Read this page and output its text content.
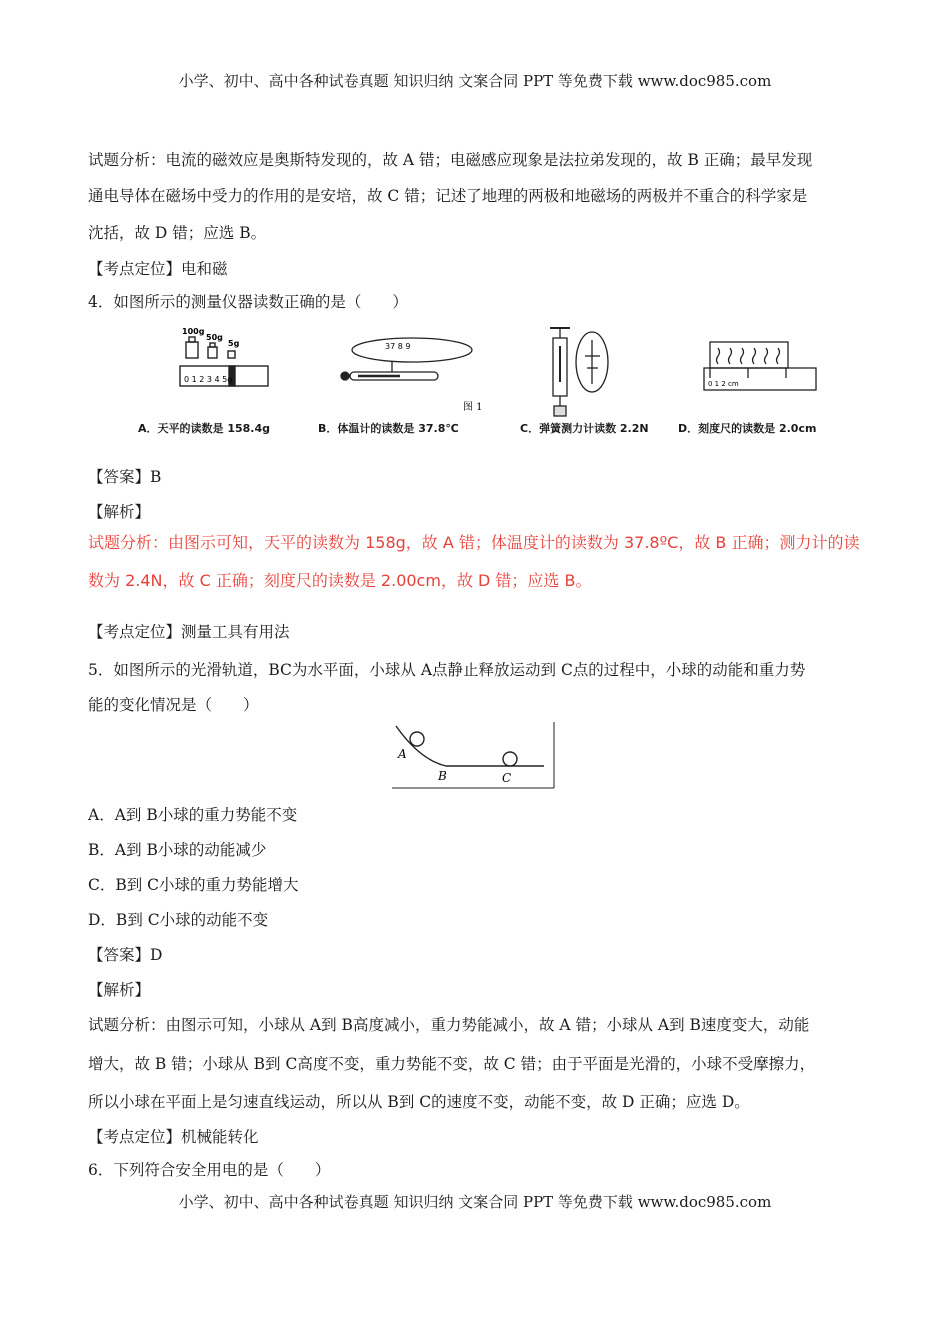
小学、初中、高中各种试卷真题 知识归纳 文案合同 PPT 等免费下载 www.doc985.com
试题分析：电流的磁效应是奥斯特发现的，故 A 错；电磁感应现象是法拉弟发现的，故 B 正确；最早发现
通电导体在磁场中受力的作用的是安培，故 C 错；记述了地理的两极和地磁场的两极并不重合的科学家是
沈括，故 D 错；应选 B。
【考点定位】电和磁
4．如图所示的测量仪器读数正确的是（　　）
100g
50g
5g
0 1 2 3 4 5g
37 8 9
0 1 2 cm
图 1
A．天平的读数是 158.4g	B．体温计的读数是 37.8℃	C．弹簧测力计读数 2.2N	D．刻度尺的读数是 2.0cm
【答案】B
【解析】
试题分析：由图示可知，天平的读数为 158g，故 A 错；体温度计的读数为 37.8ºC，故 B 正确；测力计的读
数为 2.4N，故 C 正确；刻度尺的读数是 2.00cm，故 D 错；应选 B。
【考点定位】测量工具有用法
5．如图所示的光滑轨道，BC为水平面，小球从 A点静止释放运动到 C点的过程中，小球的动能和重力势
能的变化情况是（　　）
A
B	C
A．A到 B小球的重力势能不变
B．A到 B小球的动能减少
C．B到 C小球的重力势能增大
D．B到 C小球的动能不变
【答案】D
【解析】
试题分析：由图示可知，小球从 A到 B高度减小，重力势能减小，故 A 错；小球从 A到 B速度变大，动能
增大，故 B 错；小球从 B到 C高度不变，重力势能不变，故 C 错；由于平面是光滑的，小球不受摩擦力，
所以小球在平面上是匀速直线运动，所以从 B到 C的速度不变，动能不变，故 D 正确；应选 D。
【考点定位】机械能转化
6．下列符合安全用电的是（　　）
小学、初中、高中各种试卷真题 知识归纳 文案合同 PPT 等免费下载 www.doc985.com
